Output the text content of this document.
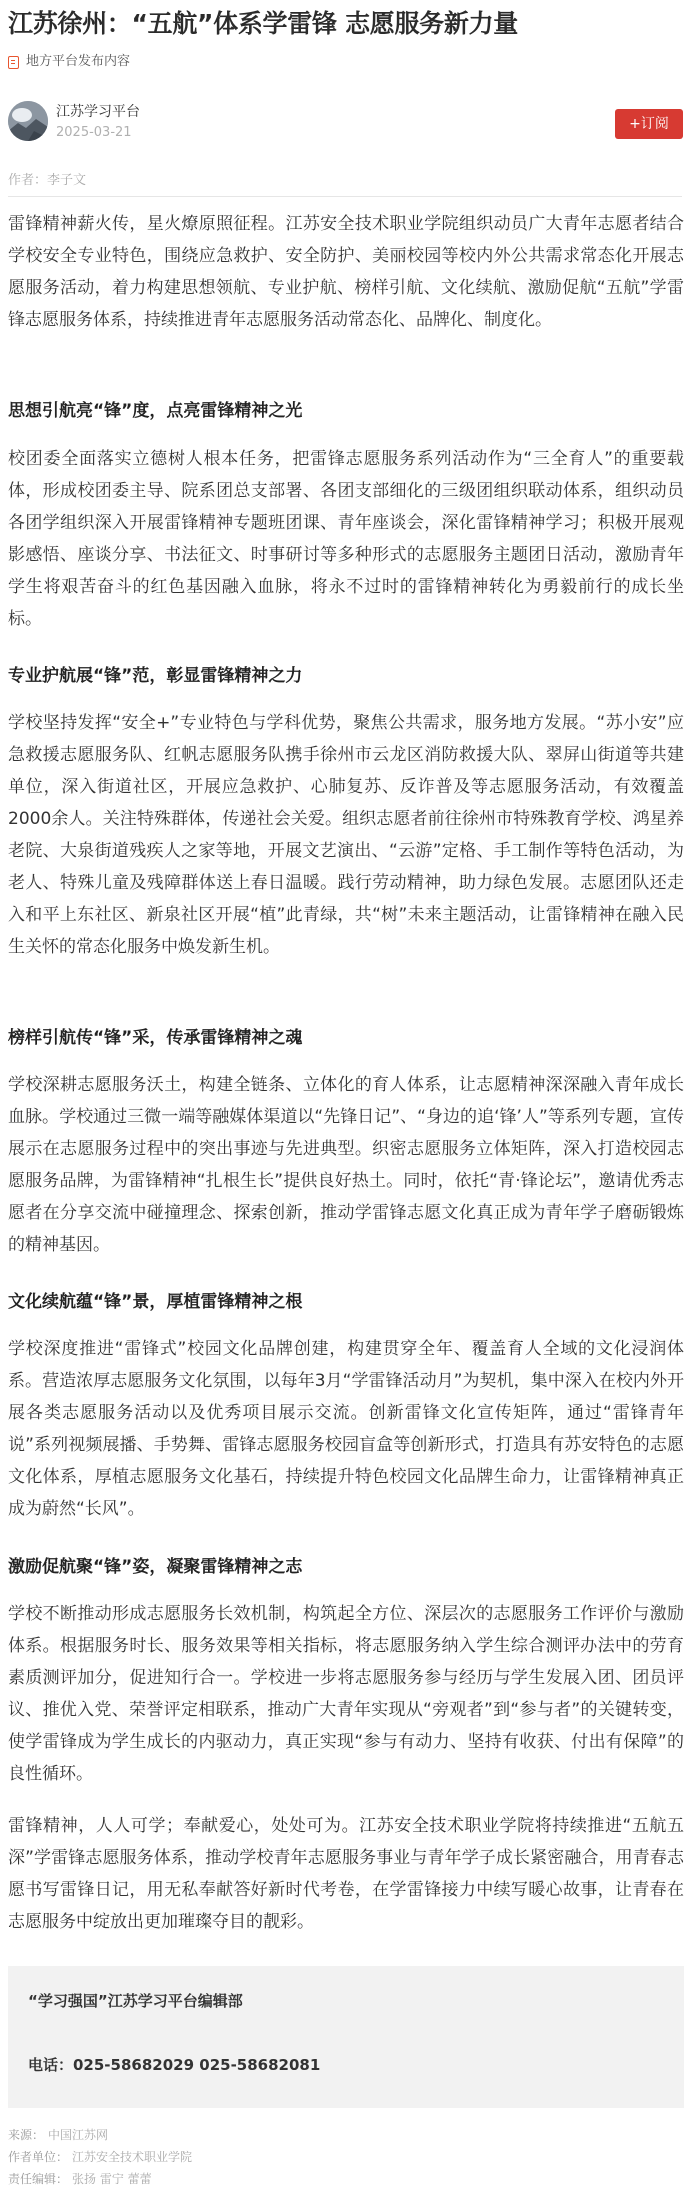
江苏徐州：“五航”体系学雷锋 志愿服务新力量
地方平台发布内容
江苏学习平台
2025-03-21
+订阅
作者：李子文
雷锋精神薪火传，星火燎原照征程。江苏安全技术职业学院组织动员广大青年志愿者结合学校安全专业特色，围绕应急救护、安全防护、美丽校园等校内外公共需求常态化开展志愿服务活动，着力构建思想领航、专业护航、榜样引航、文化续航、激励促航“五航”学雷锋志愿服务体系，持续推进青年志愿服务活动常态化、品牌化、制度化。
思想引航亮“锋”度，点亮雷锋精神之光
校团委全面落实立德树人根本任务，把雷锋志愿服务系列活动作为“三全育人”的重要载体，形成校团委主导、院系团总支部署、各团支部细化的三级团组织联动体系，组织动员各团学组织深入开展雷锋精神专题班团课、青年座谈会，深化雷锋精神学习；积极开展观影感悟、座谈分享、书法征文、时事研讨等多种形式的志愿服务主题团日活动，激励青年学生将艰苦奋斗的红色基因融入血脉，将永不过时的雷锋精神转化为勇毅前行的成长坐标。
专业护航展“锋”范，彰显雷锋精神之力
学校坚持发挥“安全+”专业特色与学科优势，聚焦公共需求，服务地方发展。“苏小安”应急救援志愿服务队、红帆志愿服务队携手徐州市云龙区消防救援大队、翠屏山街道等共建单位，深入街道社区，开展应急救护、心肺复苏、反诈普及等志愿服务活动，有效覆盖2000余人。关注特殊群体，传递社会关爱。组织志愿者前往徐州市特殊教育学校、鸿星养老院、大泉街道残疾人之家等地，开展文艺演出、“云游”定格、手工制作等特色活动，为老人、特殊儿童及残障群体送上春日温暖。践行劳动精神，助力绿色发展。志愿团队还走入和平上东社区、新泉社区开展“植”此青绿，共“树”未来主题活动，让雷锋精神在融入民生关怀的常态化服务中焕发新生机。
榜样引航传“锋”采，传承雷锋精神之魂
学校深耕志愿服务沃土，构建全链条、立体化的育人体系，让志愿精神深深融入青年成长血脉。学校通过三微一端等融媒体渠道以“先锋日记”、“身边的追‘锋’人”等系列专题，宣传展示在志愿服务过程中的突出事迹与先进典型。织密志愿服务立体矩阵，深入打造校园志愿服务品牌，为雷锋精神“扎根生长”提供良好热土。同时，依托“青·锋论坛”，邀请优秀志愿者在分享交流中碰撞理念、探索创新，推动学雷锋志愿文化真正成为青年学子磨砺锻炼的精神基因。
文化续航蕴“锋”景，厚植雷锋精神之根
学校深度推进“雷锋式”校园文化品牌创建，构建贯穿全年、覆盖育人全域的文化浸润体系。营造浓厚志愿服务文化氛围，以每年3月“学雷锋活动月”为契机，集中深入在校内外开展各类志愿服务活动以及优秀项目展示交流。创新雷锋文化宣传矩阵，通过“雷锋青年说”系列视频展播、手势舞、雷锋志愿服务校园盲盒等创新形式，打造具有苏安特色的志愿文化体系，厚植志愿服务文化基石，持续提升特色校园文化品牌生命力，让雷锋精神真正成为蔚然“长风”。
激励促航聚“锋”姿，凝聚雷锋精神之志
学校不断推动形成志愿服务长效机制，构筑起全方位、深层次的志愿服务工作评价与激励体系。根据服务时长、服务效果等相关指标，将志愿服务纳入学生综合测评办法中的劳育素质测评加分，促进知行合一。学校进一步将志愿服务参与经历与学生发展入团、团员评议、推优入党、荣誉评定相联系，推动广大青年实现从“旁观者”到“参与者”的关键转变，使学雷锋成为学生成长的内驱动力，真正实现“参与有动力、坚持有收获、付出有保障”的良性循环。
雷锋精神，人人可学；奉献爱心，处处可为。江苏安全技术职业学院将持续推进“五航五深”学雷锋志愿服务体系，推动学校青年志愿服务事业与青年学子成长紧密融合，用青春志愿书写雷锋日记，用无私奉献答好新时代考卷，在学雷锋接力中续写暖心故事，让青春在志愿服务中绽放出更加璀璨夺目的靓彩。
“学习强国”江苏学习平台编辑部
电话：025-58682029 025-58682081
来源： 中国江苏网
作者单位： 江苏安全技术职业学院
责任编辑： 张扬 雷宁 蕾蕾
